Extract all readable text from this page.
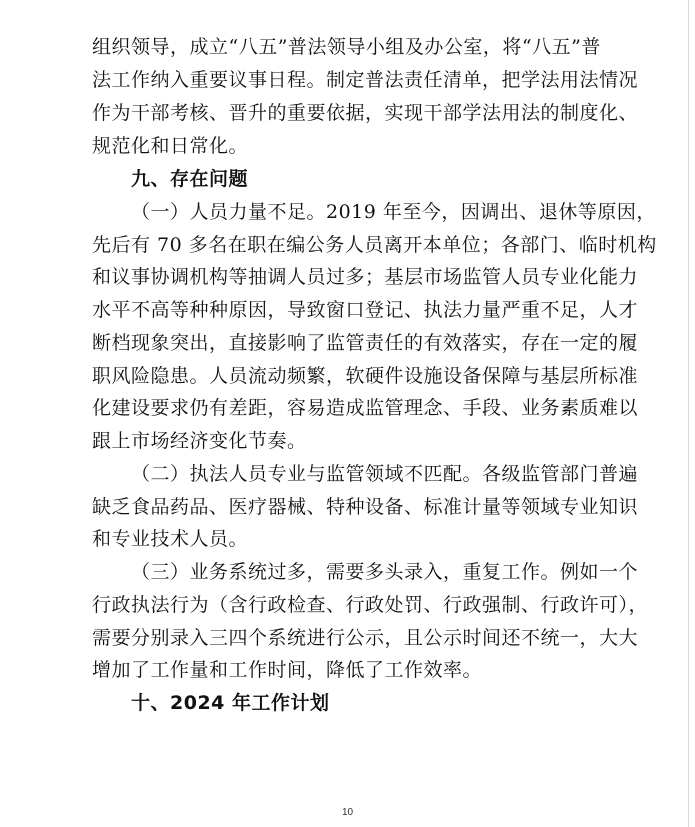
组织领导，成立“八五”普法领导小组及办公室，将“八五”普
法工作纳入重要议事日程。制定普法责任清单，把学法用法情况
作为干部考核、晋升的重要依据，实现干部学法用法的制度化、
规范化和日常化。
九、存在问题
（一）人员力量不足。2019 年至今，因调出、退休等原因，
先后有 70 多名在职在编公务人员离开本单位；各部门、临时机构
和议事协调机构等抽调人员过多；基层市场监管人员专业化能力
水平不高等种种原因，导致窗口登记、执法力量严重不足，人才
断档现象突出，直接影响了监管责任的有效落实，存在一定的履
职风险隐患。人员流动频繁，软硬件设施设备保障与基层所标准
化建设要求仍有差距，容易造成监管理念、手段、业务素质难以
跟上市场经济变化节奏。
（二）执法人员专业与监管领域不匹配。各级监管部门普遍
缺乏食品药品、医疗器械、特种设备、标准计量等领域专业知识
和专业技术人员。
（三）业务系统过多，需要多头录入，重复工作。例如一个
行政执法行为（含行政检查、行政处罚、行政强制、行政许可），
需要分别录入三四个系统进行公示，且公示时间还不统一，大大
增加了工作量和工作时间，降低了工作效率。
十、2024 年工作计划
10
